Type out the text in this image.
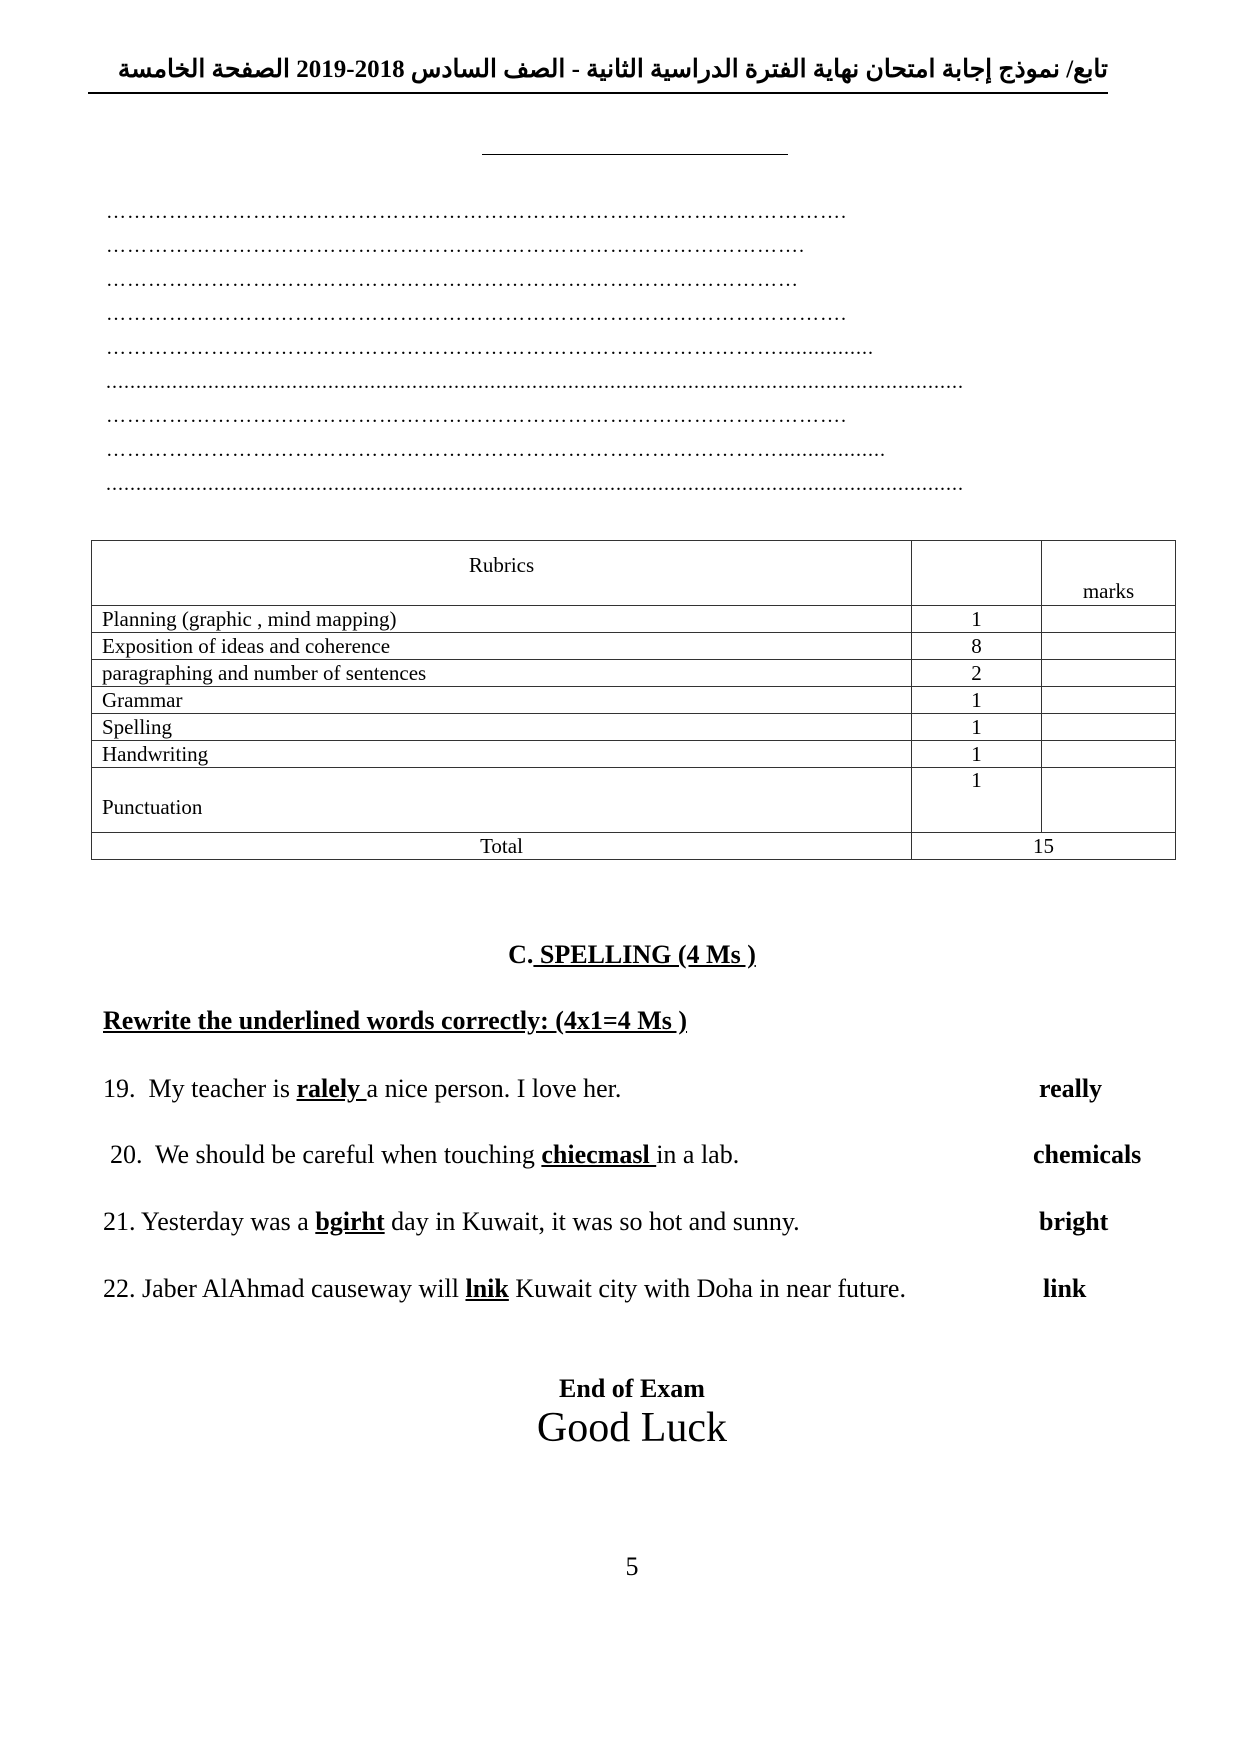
تابع/ نموذج إجابة امتحان نهاية الفترة الدراسية الثانية - الصف السادس 2018-2019 الصفحة الخامسة
…………………………………………………………………………………………….
……………………………………………………………………………………….
………………………………………………………………………………………
…………………………………………………………………………………………….
……………………………………………………………………………………................
...............................................................................................................................................
…………………………………………………………………………………………….
……………………………………………………………………………………..................
...............................................................................................................................................
Rubrics		marks
Planning (graphic , mind mapping)	1	
Exposition of ideas and coherence	8	
paragraphing and number of sentences	2	
Grammar	1	
Spelling	1	
Handwriting	1	
Punctuation	1	
Total	15	
C. SPELLING (4 Ms )
Rewrite the underlined words correctly: (4x1=4 Ms )
19.  My teacher is ralely a nice person. I love her.	really
20.  We should be careful when touching chiecmasl in a lab.	chemicals
21. Yesterday was a bgirht day in Kuwait, it was so hot and sunny.	bright
22. Jaber AlAhmad causeway will lnik Kuwait city with Doha in near future.	link
End of Exam
Good Luck
5
